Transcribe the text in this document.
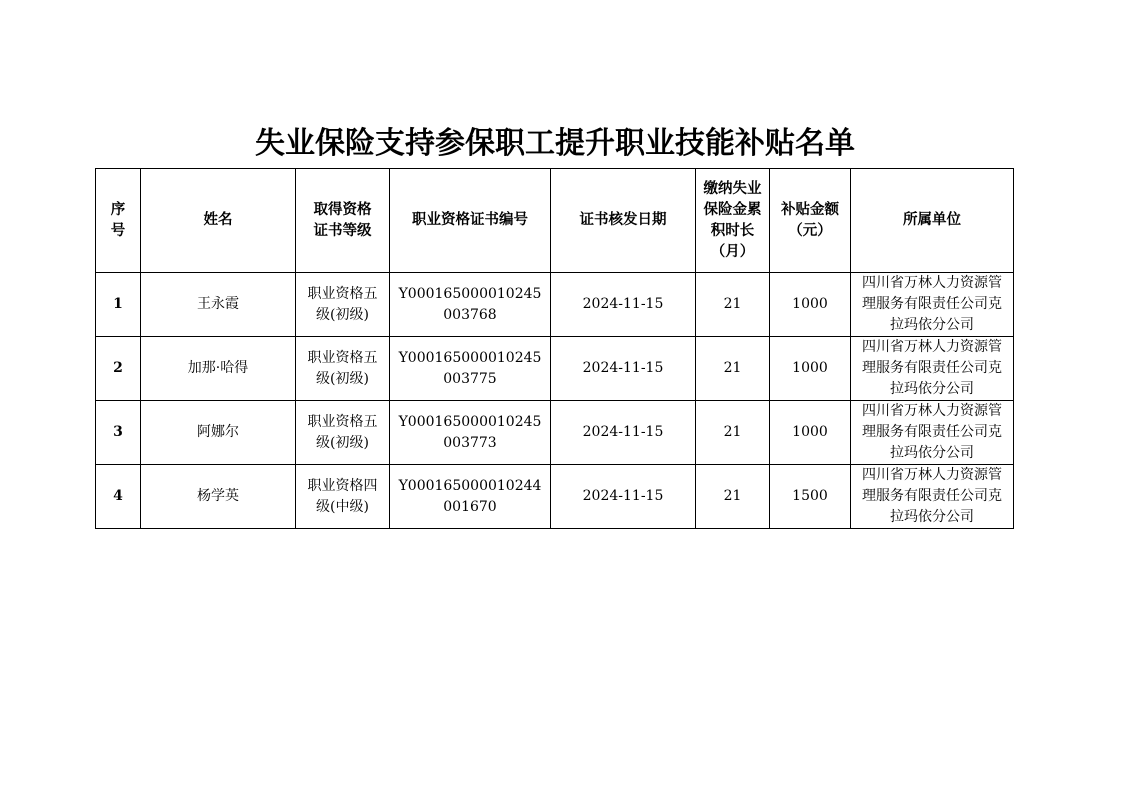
失业保险支持参保职工提升职业技能补贴名单
序号	姓名	取得资格证书等级	职业资格证书编号	证书核发日期	缴纳失业保险金累积时长（月）	补贴金额（元）	所属单位
1	王永霞	职业资格五级(初级)	Y000165000010245003768	2024-11-15	21	1000	四川省万林人力资源管理服务有限责任公司克拉玛依分公司

2	加那·哈得	职业资格五级(初级)	Y000165000010245003775	2024-11-15	21	1000	四川省万林人力资源管理服务有限责任公司克拉玛依分公司

3	阿娜尔	职业资格五级(初级)	Y000165000010245003773	2024-11-15	21	1000	四川省万林人力资源管理服务有限责任公司克拉玛依分公司

4	杨学英	职业资格四级(中级)	Y000165000010244001670	2024-11-15	21	1500	四川省万林人力资源管理服务有限责任公司克拉玛依分公司
